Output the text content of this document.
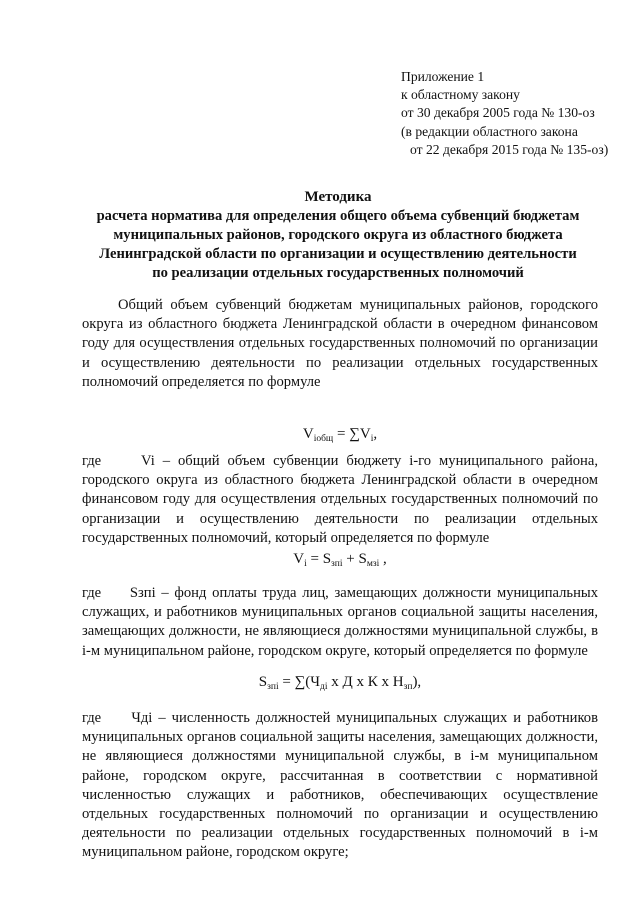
Приложение 1
к областному закону
от 30 декабря 2005 года № 130-оз
(в редакции областного закона
от 22 декабря 2015 года № 135-оз)
Методика
расчета норматива для определения общего объема субвенций бюджетам
муниципальных районов, городского округа из областного бюджета
Ленинградской области по организации и осуществлению деятельности
по реализации отдельных государственных полномочий
Общий объем субвенций бюджетам муниципальных районов, городского округа из областного бюджета Ленинградской области в очередном финансовом году для осуществления отдельных государственных полномочий по организации и осуществлению деятельности по реализации отдельных государственных полномочий определяется по формуле
$V_{iобщ} = \sum V_i$,
где	Vi – общий объем субвенции бюджету i-го муниципального района, городского округа из областного бюджета Ленинградской области в очередном финансовом году для осуществления отдельных государственных полномочий по организации и осуществлению деятельности по реализации отдельных государственных полномочий, который определяется по формуле
$V_i = S_{зпi} + S_{мзi}$ ,
где Sзпi – фонд оплаты труда лиц, замещающих должности муниципальных служащих, и работников муниципальных органов социальной защиты населения, замещающих должности, не являющиеся должностями муниципальной службы, в i-м муниципальном районе, городском округе, который определяется по формуле
$S_{зпi} = \sum(Ч_{дi}$ х Д х К х $Н_{зп}$),
где Чдi – численность должностей муниципальных служащих и работников муниципальных органов социальной защиты населения, замещающих должности, не являющиеся должностями муниципальной службы, в i-м муниципальном районе, городском округе, рассчитанная в соответствии с нормативной численностью служащих и работников, обеспечивающих осуществление отдельных государственных полномочий по организации и осуществлению деятельности по реализации отдельных государственных полномочий в i-м муниципальном районе, городском округе;
